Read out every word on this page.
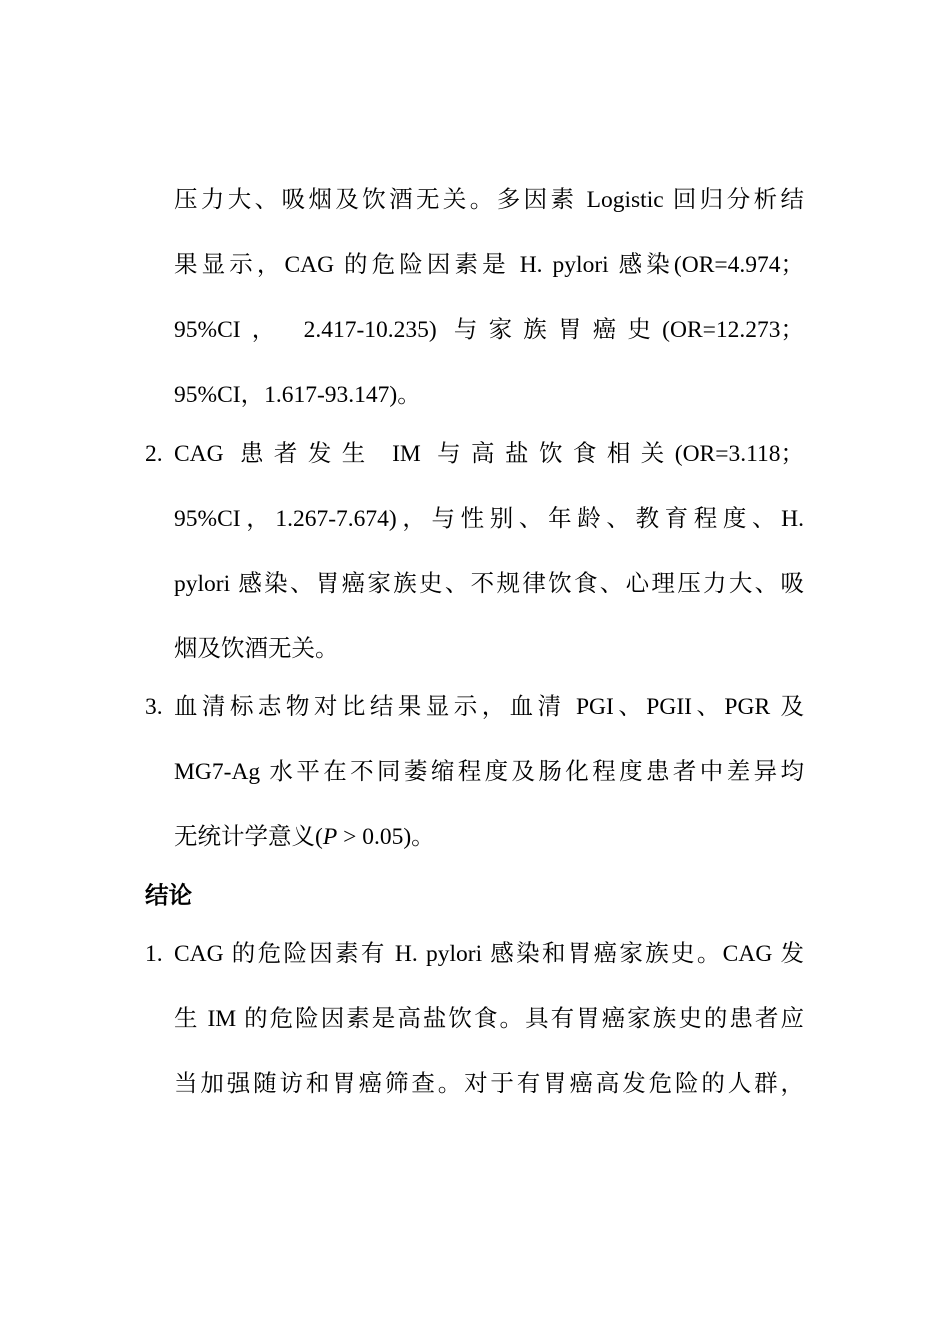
压力大、吸烟及饮酒无关。多因素 Logistic 回归分析结
果显示，CAG 的危险因素是 H. pylori 感染(OR=4.974；
95%CI， 2.417-10.235) 与家族胃癌史(OR=12.273；
95%CI，1.617-93.147)。
2. CAG 患者发生 IM 与高盐饮食相关(OR=3.118；
95%CI，1.267-7.674)，与性别、年龄、教育程度、H.
pylori 感染、胃癌家族史、不规律饮食、心理压力大、吸
烟及饮酒无关。
3. 血清标志物对比结果显示，血清 PGI、PGII、PGR 及
MG7-Ag 水平在不同萎缩程度及肠化程度患者中差异均
无统计学意义(P > 0.05)。
结论
1. CAG 的危险因素有 H. pylori 感染和胃癌家族史。CAG 发
生 IM 的危险因素是高盐饮食。具有胃癌家族史的患者应
当加强随访和胃癌筛查。对于有胃癌高发危险的人群，
